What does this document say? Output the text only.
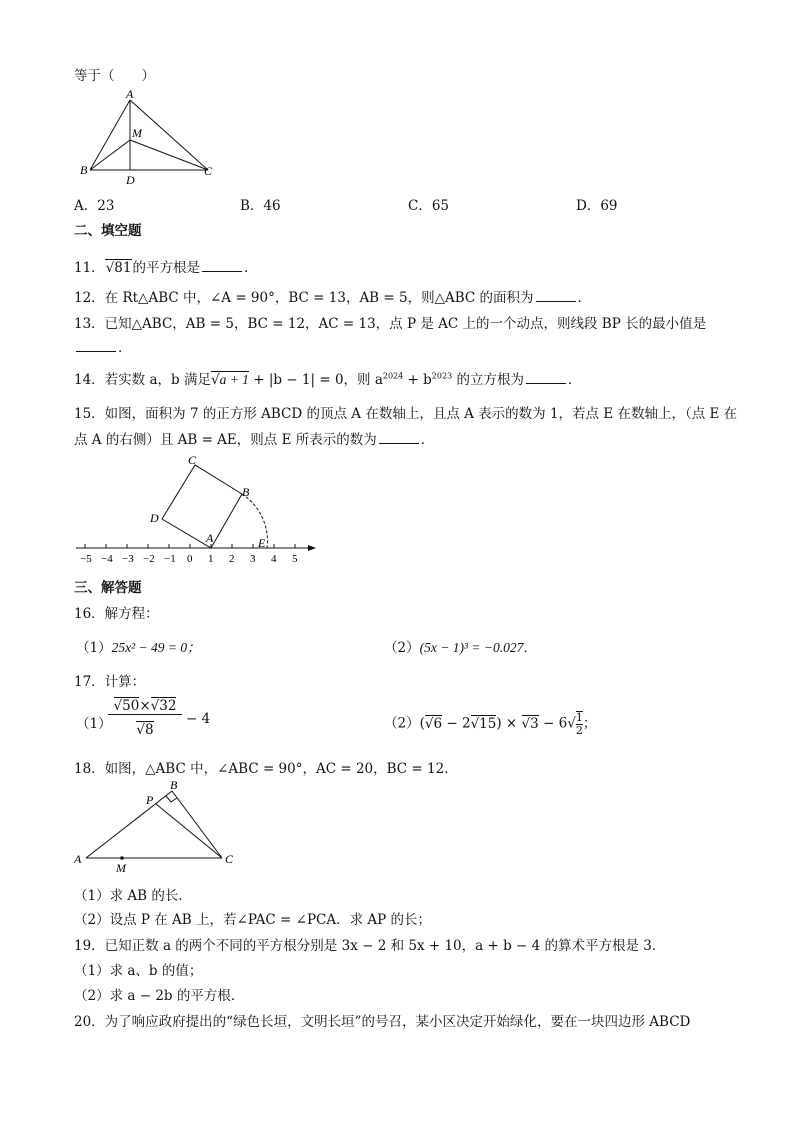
等于（　　）
A
M
B
D
C
A．23	B．46	C．65	D．69
二、填空题
11．√81的平方根是	．
12．在 Rt△ABC 中，∠A = 90°，BC = 13，AB = 5，则△ABC 的面积为	．
13．已知△ABC，AB = 5，BC = 12，AC = 13，点 P 是 AC 上的一个动点，则线段 BP 长的最小值是
．
14．若实数 a，b 满足√a + 1 + |b − 1| = 0，则 $a^{2024} + b^{2023}$ 的立方根为	．
15．如图，面积为 7 的正方形 ABCD 的顶点 A 在数轴上，且点 A 表示的数为 1，若点 E 在数轴上，（点 E 在
点 A 的右侧）且 AB = AE，则点 E 所表示的数为	．
−5 −4 −3 −2 −1 0 1 2 3 4 5
C
B
D
A	E
三、解答题
16．解方程：
（1）25x² − 49 = 0；	（2）(5x − 1)³ = −0.027．
17．计算：
（1）
√50×√32
√8
− 4	$(2)(√6 - 2√15) \times √3 - 6√ \frac{1}{2}$ ；
18．如图，△ABC 中，∠ABC = 90°，AC = 20，BC = 12．
P
B
A
M
C
（1）求 AB 的长．
（2）设点 P 在 AB 上，若∠PAC = ∠PCA．求 AP 的长；
19．已知正数 a 的两个不同的平方根分别是 3x − 2 和 5x + 10，a + b − 4 的算术平方根是 3．
（1）求 a、b 的值；
（2）求 a − 2b 的平方根．
20．为了响应政府提出的“绿色长垣，文明长垣”的号召，某小区决定开始绿化，要在一块四边形 ABCD
